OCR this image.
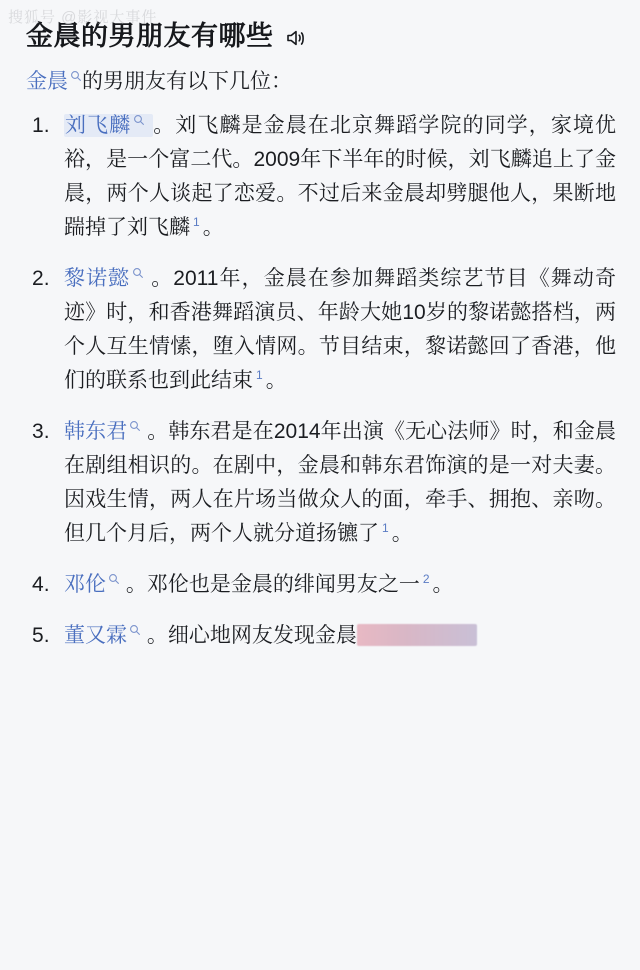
搜狐号 @影视大事件
金晨的男朋友有哪些
金晨 的男朋友有以下几位：
刘飞麟 。刘飞麟是金晨在北京舞蹈学院的同学，家境优裕，是一个富二代。2009年下半年的时候，刘飞麟追上了金晨，两个人谈起了恋爱。不过后来金晨却劈腿他人，果断地踹掉了刘飞麟 $^1$ 。
黎诺懿 。2011年，金晨在参加舞蹈类综艺节目《舞动奇迹》时，和香港舞蹈演员、年龄大她10岁的黎诺懿搭档，两个人互生情愫，堕入情网。节目结束，黎诺懿回了香港，他们的联系也到此结束 $^1$ 。
韩东君 。韩东君是在2014年出演《无心法师》时，和金晨在剧组相识的。在剧中，金晨和韩东君饰演的是一对夫妻。因戏生情，两人在片场当做众人的面，牵手、拥抱、亲吻。但几个月后，两个人就分道扬镳了 $^1$ 。
邓伦 。邓伦也是金晨的绯闻男友之一 $^2$ 。
董又霖 。细心地网友发现金晨
